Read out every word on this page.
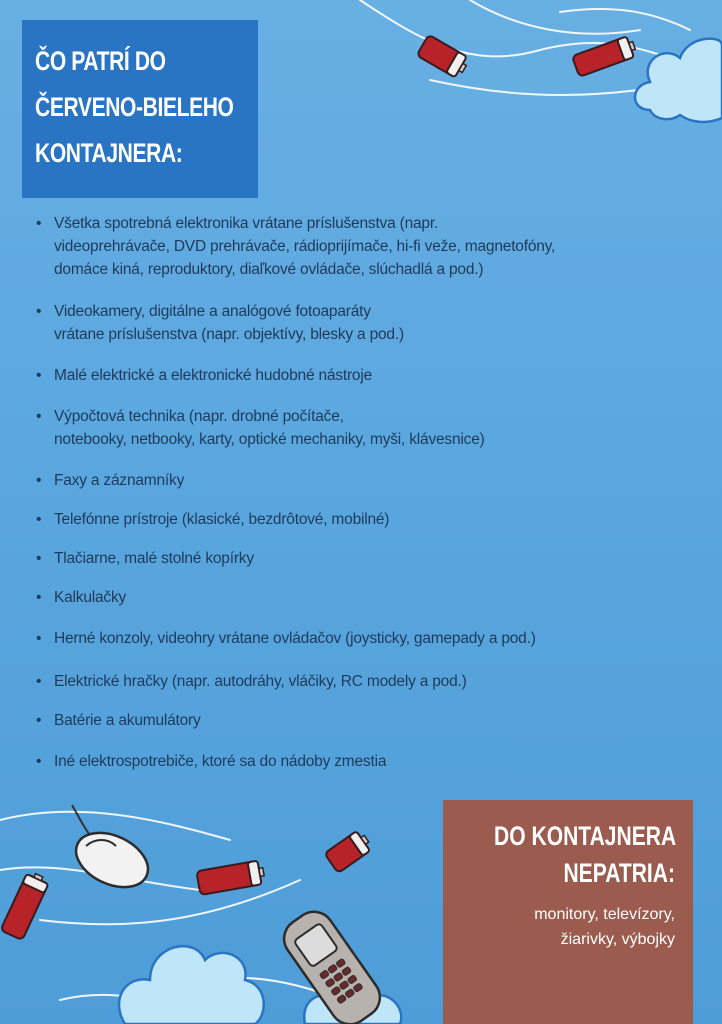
ČO PATRÍ DO
ČERVENO-BIELEHO
KONTAJNERA:
• Všetka spotrebná elektronika vrátane príslušenstva (napr.
videoprehrávače, DVD prehrávače, rádioprijímače, hi-fi veže, magnetofóny,
domáce kiná, reproduktory, diaľkové ovládače, slúchadlá a pod.)
• Videokamery, digitálne a analógové fotoaparáty
vrátane príslušenstva (napr. objektívy, blesky a pod.)
• Malé elektrické a elektronické hudobné nástroje
• Výpočtová technika (napr. drobné počítače,
notebooky, netbooky, karty, optické mechaniky, myši, klávesnice)
• Faxy a záznamníky
• Telefónne prístroje (klasické, bezdrôtové, mobilné)
• Tlačiarne, malé stolné kopírky
• Kalkulačky
• Herné konzoly, videohry vrátane ovládačov (joysticky, gamepady a pod.)
• Elektrické hračky (napr. autodráhy, vláčiky, RC modely a pod.)
• Batérie a akumulátory
• Iné elektrospotrebiče, ktoré sa do nádoby zmestia
DO KONTAJNERA
NEPATRIA:
monitory, televízory,
žiarivky, výbojky
